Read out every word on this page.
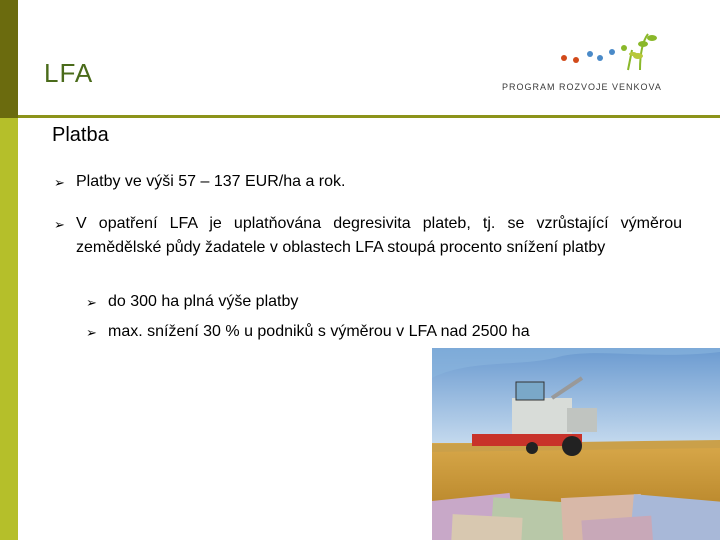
LFA	PROGRAM ROZVOJE VENKOVA
Platba
➢ Platby ve výši 57 – 137 EUR/ha a rok.
➢ V opatření LFA je uplatňována degresivita plateb, tj. se vzrůstající výměrou zemědělské půdy žadatele v oblastech LFA stoupá procento snížení platby
➢ do 300 ha plná výše platby
➢ max. snížení 30 % u podniků s výměrou v LFA nad 2500 ha
